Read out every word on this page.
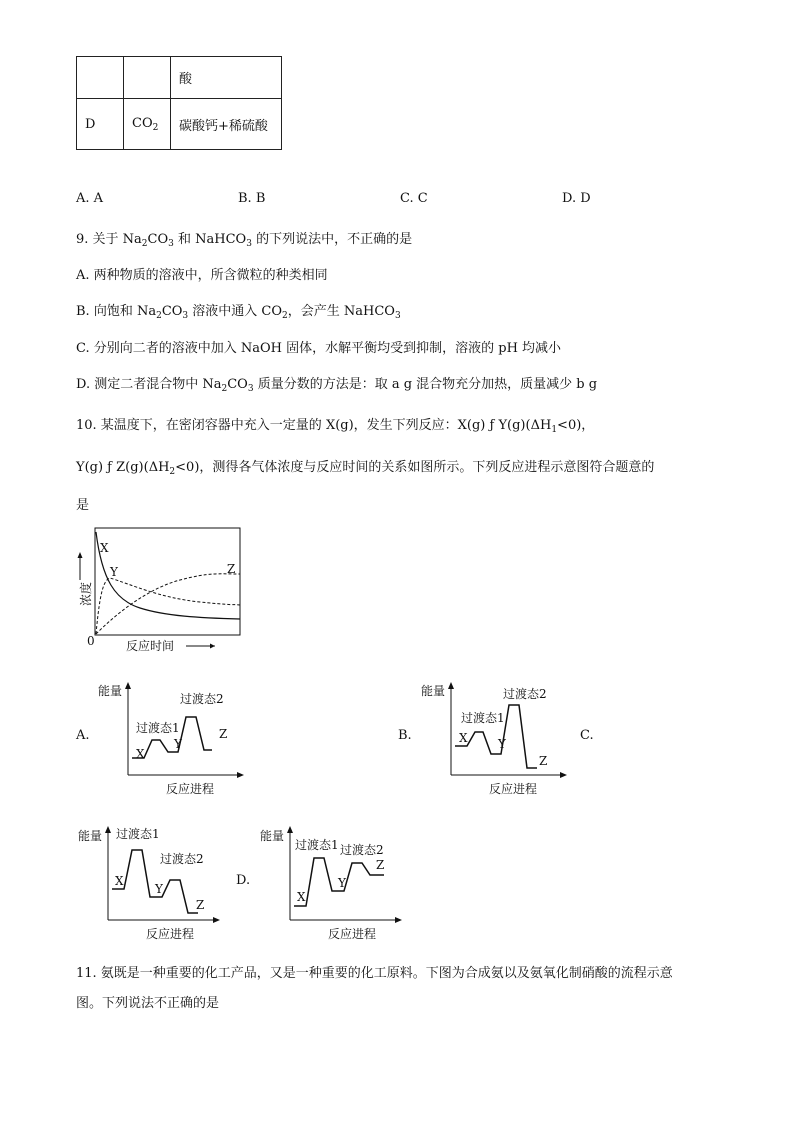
		酸
D	$CO_2$	碳酸钙+稀硫酸
A. A	B. B	C. C	D. D
9. 关于 $Na_2CO_3$ 和 NaHCO$_3$ 的下列说法中，不正确的是
A. 两种物质的溶液中，所含微粒的种类相同
B. 向饱和 $Na_2CO_3$ 溶液中通入 $CO_2$，会产生 NaHCO$_3$
C. 分别向二者的溶液中加入 NaOH 固体，水解平衡均受到抑制，溶液的 pH 均减小
D. 测定二者混合物中 $Na_2CO_3$ 质量分数的方法是：取 a g 混合物充分加热，质量减少 b g
10. 某温度下，在密闭容器中充入一定量的 X(g)，发生下列反应：X(g) ƒ $Y(g)(\Delta H_1<0)$，
Y(g) ƒ $Z(g)(\Delta H_2<0)$，测得各气体浓度与反应时间的关系如图所示。下列反应进程示意图符合题意的
是
X
Y	Z
0	反应时间
浓度
A.
能量
过渡态1
过渡态2
X
Y
Z
反应进程
B.
能量
过渡态1
过渡态2
X	Y
Z
反应进程
C.
能量 过渡态1
过渡态2
X
Y
Z
反应进程
D.
能量
过渡态1 过渡态2
X
Y
Z
反应进程
11. 氨既是一种重要的化工产品，又是一种重要的化工原料。下图为合成氨以及氨氧化制硝酸的流程示意
图。下列说法不正确的是
